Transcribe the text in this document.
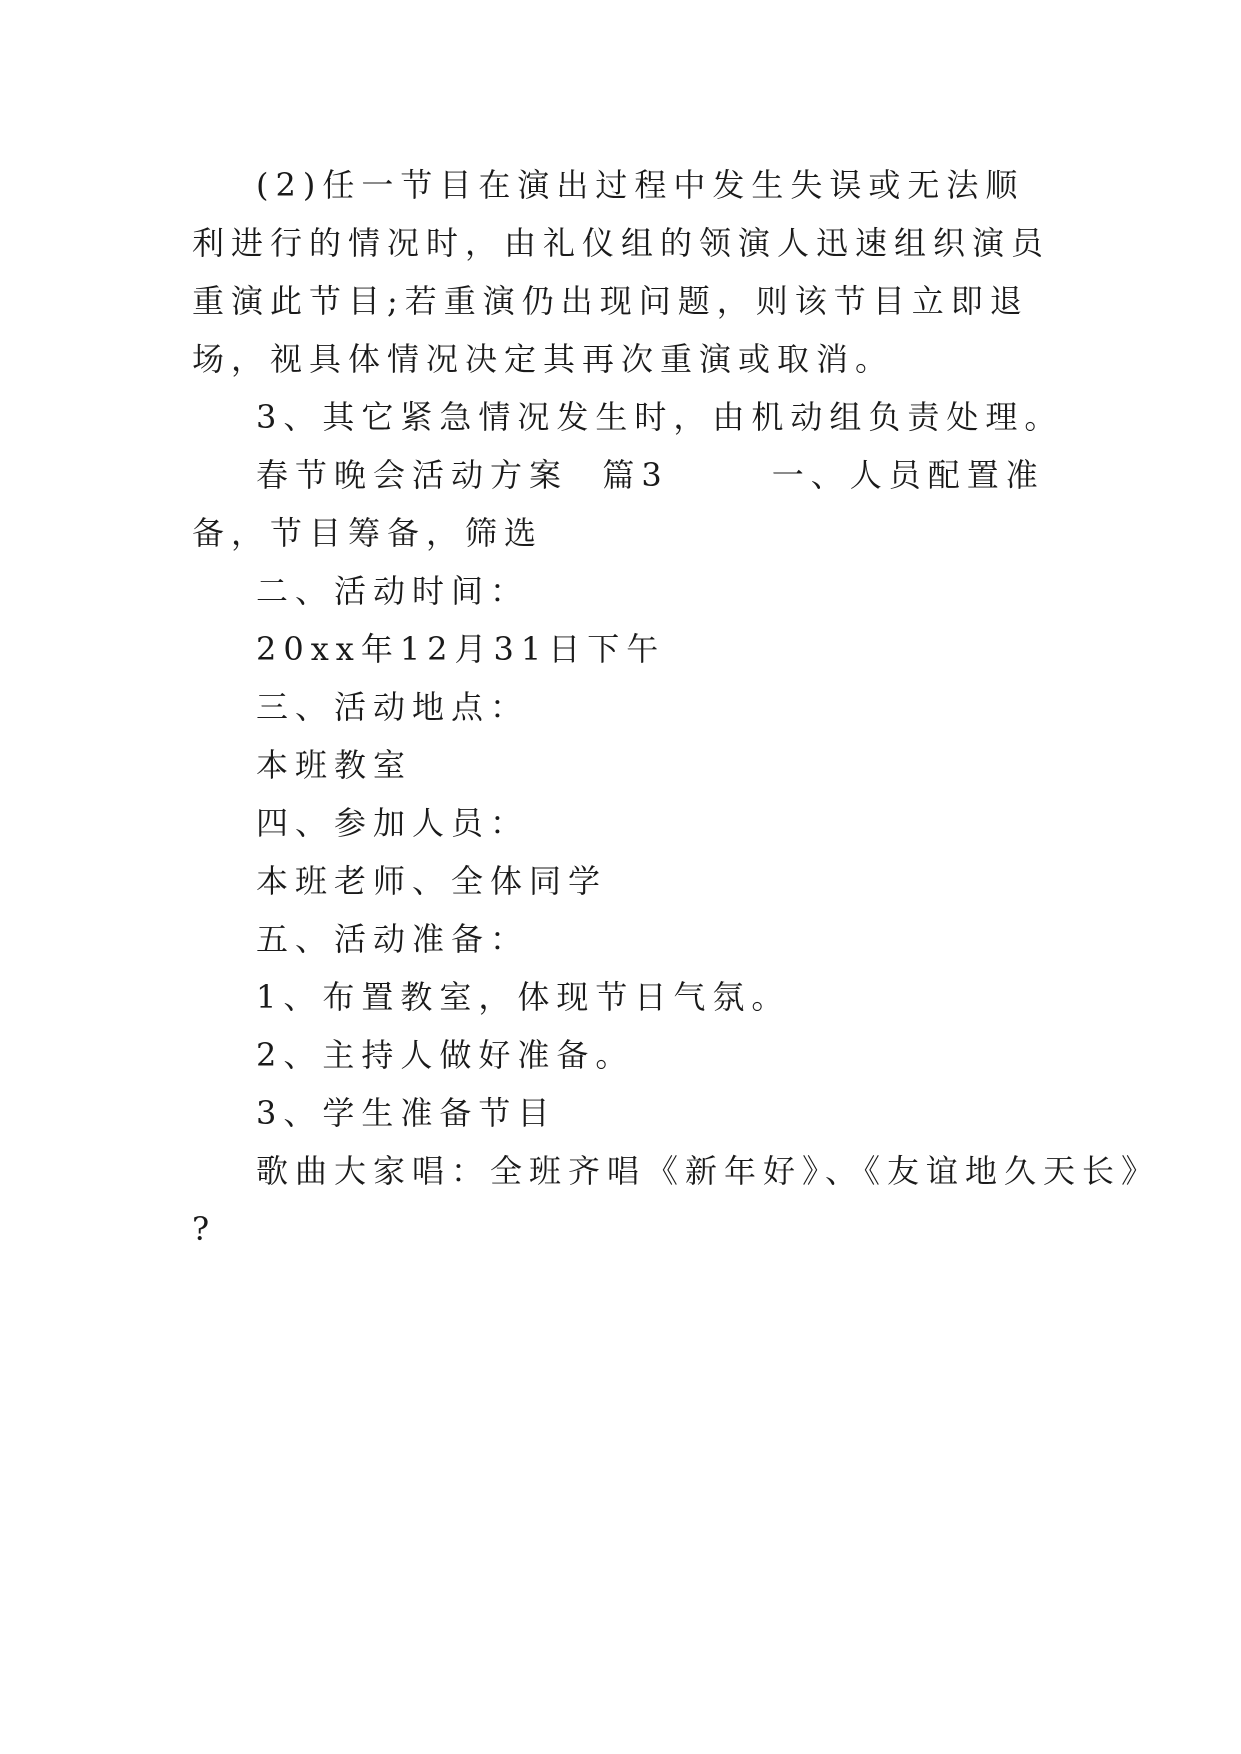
(2)任一节目在演出过程中发生失误或无法顺利进行的情况时，由礼仪组的领演人迅速组织演员重演此节目;若重演仍出现问题，则该节目立即退场，视具体情况决定其再次重演或取消。

3、其它紧急情况发生时，由机动组负责处理。

春节晚会活动方案  篇3      一、人员配置准备，节目筹备，筛选

二、活动时间：

20xx年12月31日下午

三、活动地点：

本班教室

四、参加人员：

本班老师、全体同学

五、活动准备：

1、布置教室，体现节日气氛。

2、主持人做好准备。

3、学生准备节目

歌曲大家唱：全班齐唱《新年好》、《友谊地久天长》

?
